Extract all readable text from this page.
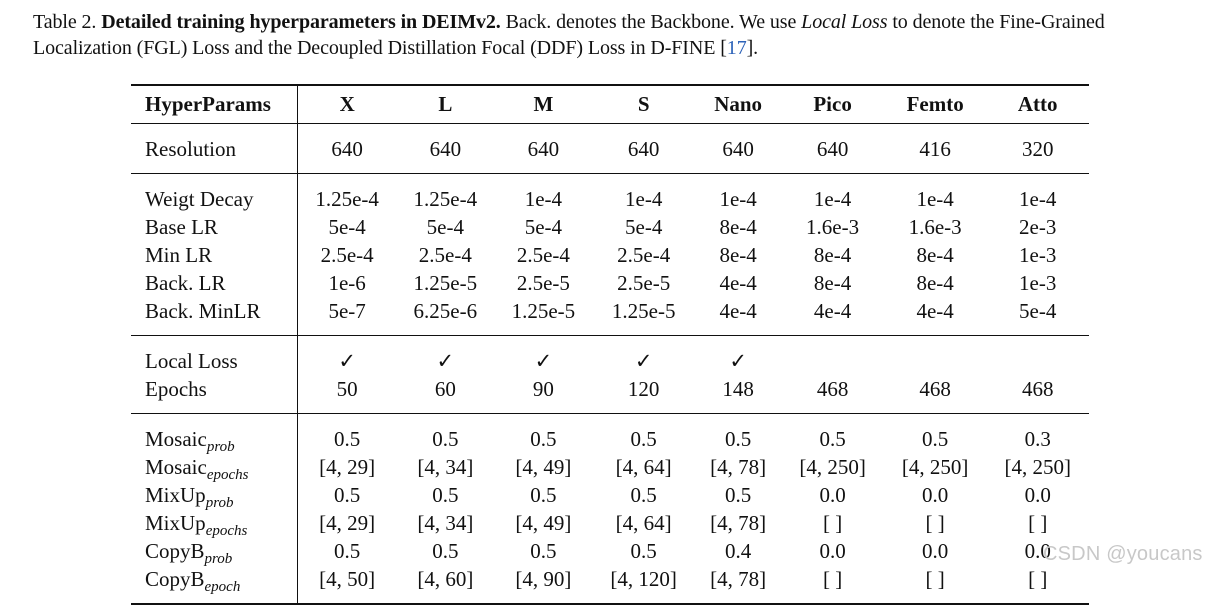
Table 2. Detailed training hyperparameters in DEIMv2. Back. denotes the Backbone. We use Local Loss to denote the Fine-Grained Localization (FGL) Loss and the Decoupled Distillation Focal (DDF) Loss in D-FINE [17].
HyperParams	X	L	M	S	Nano	Pico	Femto	Atto
Resolution	640	640	640	640	640	640	416	320
Weigt Decay	1.25e-4	1.25e-4	1e-4	1e-4	1e-4	1e-4	1e-4	1e-4
Base LR	5e-4	5e-4	5e-4	5e-4	8e-4	1.6e-3	1.6e-3	2e-3
Min LR	2.5e-4	2.5e-4	2.5e-4	2.5e-4	8e-4	8e-4	8e-4	1e-3
Back. LR	1e-6	1.25e-5	2.5e-5	2.5e-5	4e-4	8e-4	8e-4	1e-3
Back. MinLR	5e-7	6.25e-6	1.25e-5	1.25e-5	4e-4	4e-4	4e-4	5e-4
Local Loss	✓	✓	✓	✓	✓			
Epochs	50	60	90	120	148	468	468	468
Mosaic$_{prob}$	0.5	0.5	0.5	0.5	0.5	0.5	0.5	0.3
Mosaic$_{epochs}$	[4, 29]	[4, 34]	[4, 49]	[4, 64]	[4, 78]	[4, 250]	[4, 250]	[4, 250]
MixUp$_{prob}$	0.5	0.5	0.5	0.5	0.5	0.0	0.0	0.0
MixUp$_{epochs}$	[4, 29]	[4, 34]	[4, 49]	[4, 64]	[4, 78]	[ ]	[ ]	[ ]
CopyB$_{prob}$	0.5	0.5	0.5	0.5	0.4	0.0	0.0	0.0
CopyB$_{epoch}$	[4, 50]	[4, 60]	[4, 90]	[4, 120]	[4, 78]	[ ]	[ ]	[ ]
CSDN @youcans
